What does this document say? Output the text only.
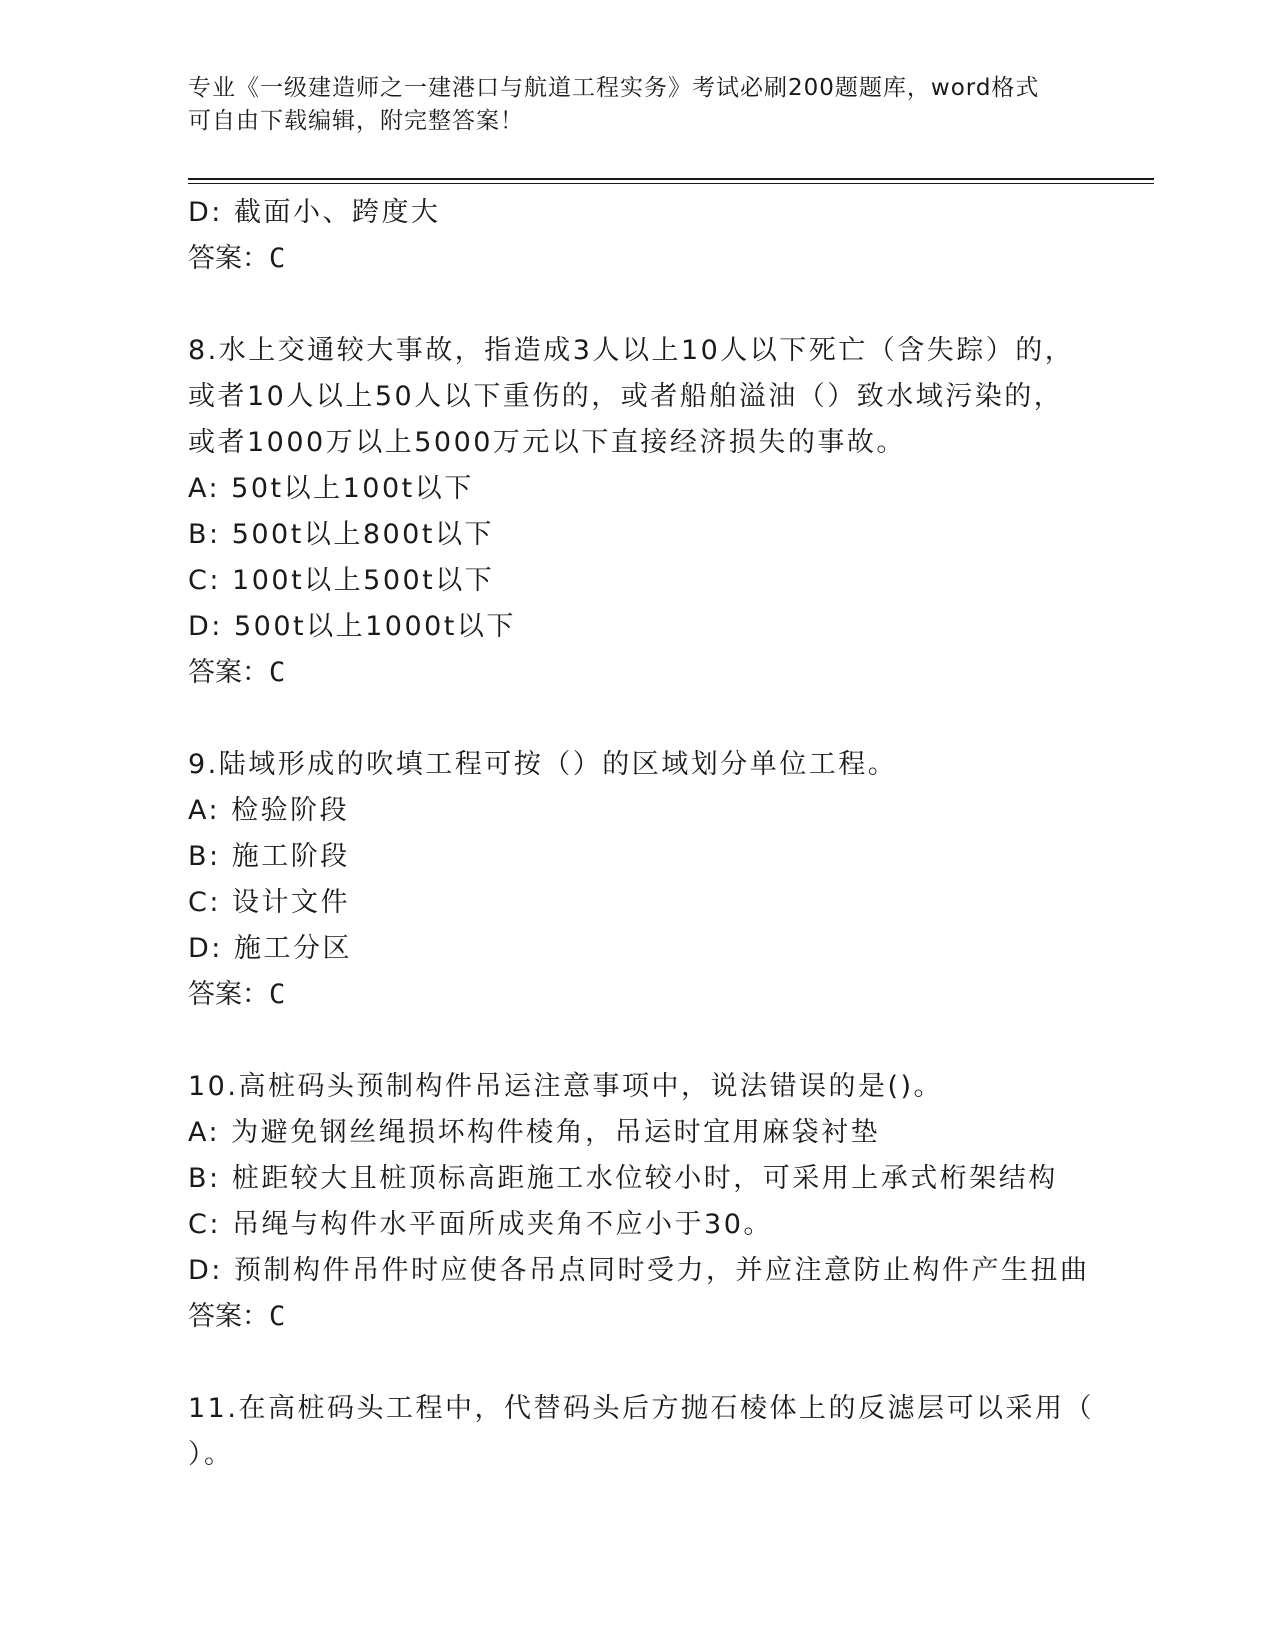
专业《一级建造师之一建港口与航道工程实务》考试必刷200题题库，word格式
可自由下载编辑，附完整答案！
D: 截面小、跨度大
答案：C
8.水上交通较大事故，指造成3人以上10人以下死亡（含失踪）的，
或者10人以上50人以下重伤的，或者船舶溢油（）致水域污染的，
或者1000万以上5000万元以下直接经济损失的事故。
A: 50t以上100t以下
B: 500t以上800t以下
C: 100t以上500t以下
D: 500t以上1000t以下
答案：C
9.陆域形成的吹填工程可按（）的区域划分单位工程。
A: 检验阶段
B: 施工阶段
C: 设计文件
D: 施工分区
答案：C
10.高桩码头预制构件吊运注意事项中，说法错误的是()。
A: 为避免钢丝绳损坏构件棱角，吊运时宜用麻袋衬垫
B: 桩距较大且桩顶标高距施工水位较小时，可采用上承式桁架结构
C: 吊绳与构件水平面所成夹角不应小于30。
D: 预制构件吊件时应使各吊点同时受力，并应注意防止构件产生扭曲
答案：C
11.在高桩码头工程中，代替码头后方抛石棱体上的反滤层可以采用（
）。
